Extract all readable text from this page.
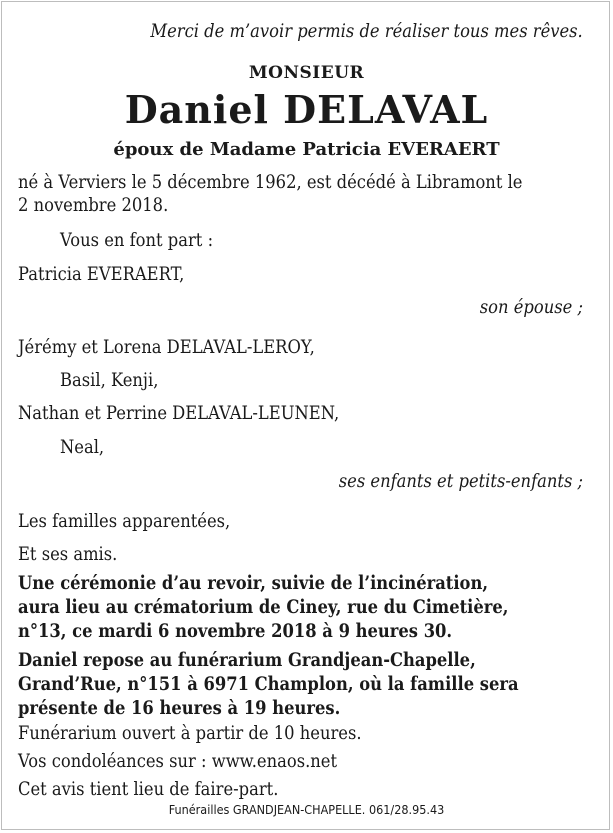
Merci de m’avoir permis de réaliser tous mes rêves.
MONSIEUR
Daniel DELAVAL
époux de Madame Patricia EVERAERT
né à Verviers le 5 décembre 1962, est décédé à Libramont le
2 novembre 2018.
Vous en font part :
Patricia EVERAERT,
son épouse ;
Jérémy et Lorena DELAVAL-LEROY,
Basil, Kenji,
Nathan et Perrine DELAVAL-LEUNEN,
Neal,
ses enfants et petits-enfants ;
Les familles apparentées,
Et ses amis.
Une cérémonie d’au revoir, suivie de l’incinération,
aura lieu au crématorium de Ciney, rue du Cimetière,
n°13, ce mardi 6 novembre 2018 à 9 heures 30.
Daniel repose au funérarium Grandjean-Chapelle,
Grand’Rue, n°151 à 6971 Champlon, où la famille sera
présente de 16 heures à 19 heures.
Funérarium ouvert à partir de 10 heures.
Vos condoléances sur : www.enaos.net
Cet avis tient lieu de faire-part.
Funérailles GRANDJEAN-CHAPELLE. 061/28.95.43
